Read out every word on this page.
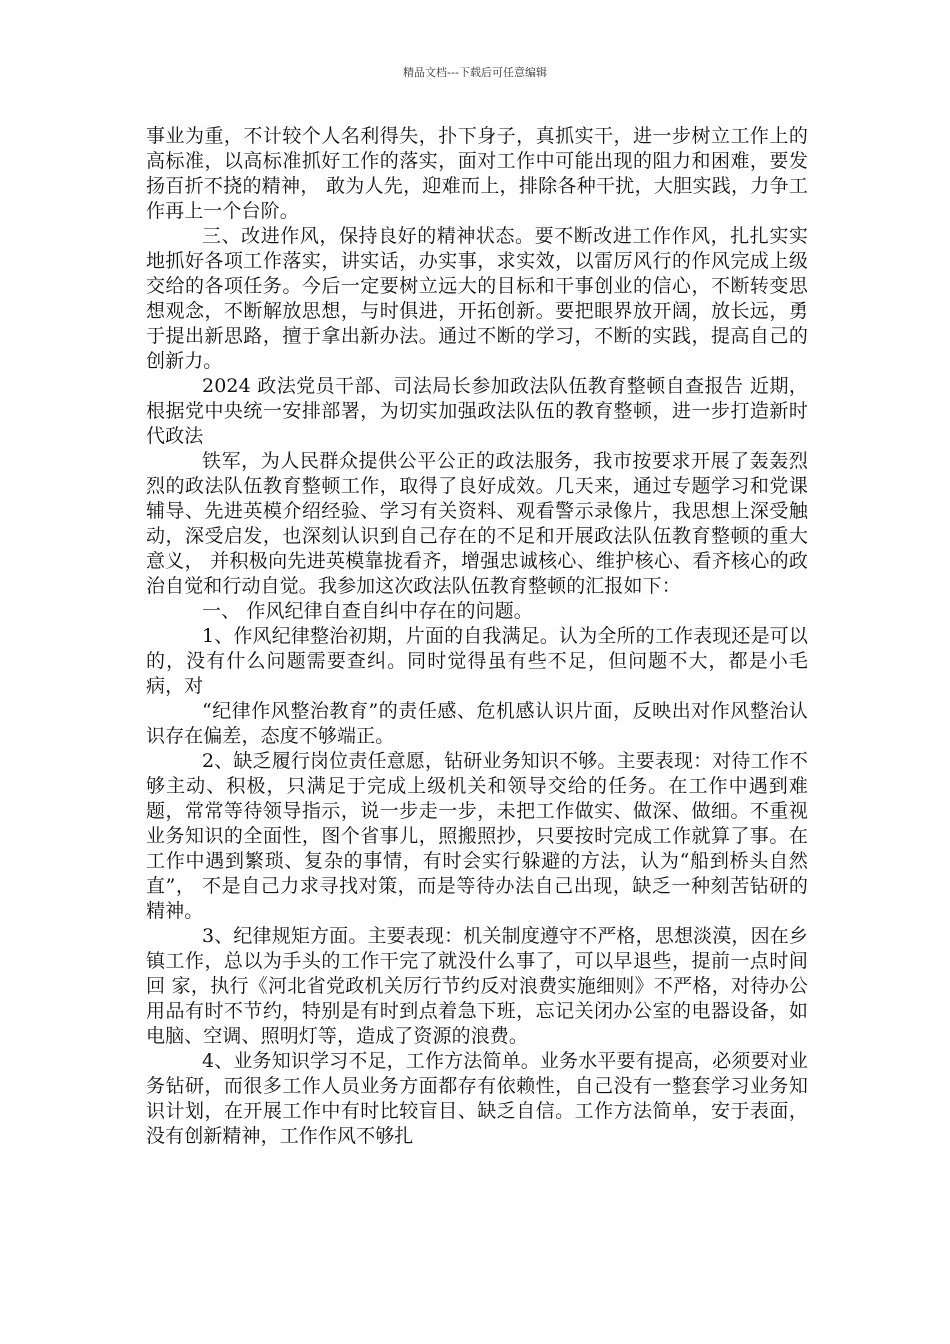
精品文档---下载后可任意编辑

事业为重，不计较个人名利得失，扑下身子，真抓实干，进一步树立工作上的高标准，以高标准抓好工作的落实，面对工作中可能出现的阻力和困难，要发扬百折不挠的精神， 敢为人先，迎难而上，排除各种干扰，大胆实践，力争工作再上一个台阶。

三、改进作风，保持良好的精神状态。要不断改进工作作风，扎扎实实地抓好各项工作落实，讲实话，办实事，求实效，以雷厉风行的作风完成上级交给的各项任务。今后一定要树立远大的目标和干事创业的信心，不断转变思想观念，不断解放思想，与时俱进，开拓创新。要把眼界放开阔，放长远，勇于提出新思路，擅于拿出新办法。通过不断的学习，不断的实践，提高自己的创新力。

2024 政法党员干部、司法局长参加政法队伍教育整顿自查报告 近期，根据党中央统一安排部署，为切实加强政法队伍的教育整顿，进一步打造新时代政法

铁军，为人民群众提供公平公正的政法服务，我市按要求开展了轰轰烈烈的政法队伍教育整顿工作，取得了良好成效。几天来，通过专题学习和党课辅导、先进英模介绍经验、学习有关资料、观看警示录像片，我思想上深受触动，深受启发，也深刻认识到自己存在的不足和开展政法队伍教育整顿的重大意义， 并积极向先进英模靠拢看齐，增强忠诚核心、维护核心、看齐核心的政治自觉和行动自觉。我参加这次政法队伍教育整顿的汇报如下：

一、 作风纪律自查自纠中存在的问题。

1、作风纪律整治初期，片面的自我满足。认为全所的工作表现还是可以的，没有什么问题需要查纠。同时觉得虽有些不足，但问题不大，都是小毛病，对

“纪律作风整治教育”的责任感、危机感认识片面，反映出对作风整治认识存在偏差，态度不够端正。

2、缺乏履行岗位责任意愿，钻研业务知识不够。主要表现：对待工作不够主动、积极，只满足于完成上级机关和领导交给的任务。在工作中遇到难题，常常等待领导指示，说一步走一步，未把工作做实、做深、做细。不重视业务知识的全面性，图个省事儿，照搬照抄，只要按时完成工作就算了事。在工作中遇到繁琐、复杂的事情，有时会实行躲避的方法，认为“船到桥头自然直”， 不是自己力求寻找对策，而是等待办法自己出现，缺乏一种刻苦钻研的精神。

3、纪律规矩方面。主要表现：机关制度遵守不严格，思想淡漠，因在乡镇工作，总以为手头的工作干完了就没什么事了，可以早退些，提前一点时间回 家，执行《河北省党政机关厉行节约反对浪费实施细则》不严格，对待办公用品有时不节约，特别是有时到点着急下班，忘记关闭办公室的电器设备，如电脑、空调、照明灯等，造成了资源的浪费。

4、业务知识学习不足，工作方法简单。业务水平要有提高，必须要对业务钻研，而很多工作人员业务方面都存有依赖性，自己没有一整套学习业务知识计划，在开展工作中有时比较盲目、缺乏自信。工作方法简单，安于表面，没有创新精神，工作作风不够扎
